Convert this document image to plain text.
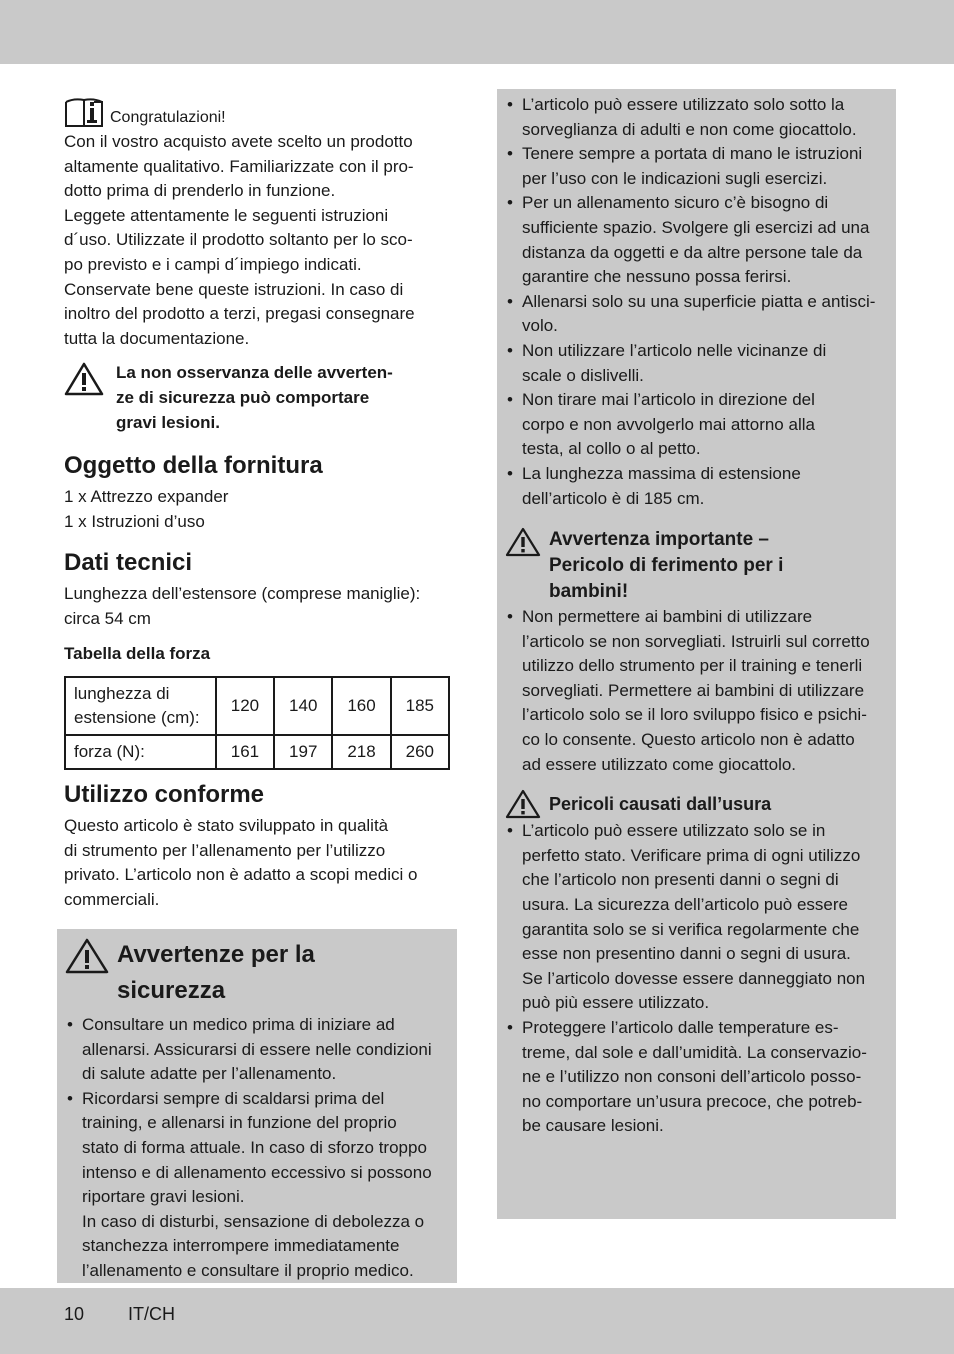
Congratulazioni!

Con il vostro acquisto avete scelto un prodotto

altamente qualitativo. Familiarizzate con il pro-

dotto prima di prenderlo in funzione.

Leggete attentamente le seguenti istruzioni

d´uso. Utilizzate il prodotto soltanto per lo sco-

po previsto e i campi d´impiego indicati.

Conservate bene queste istruzioni. In caso di

inoltro del prodotto a terzi, pregasi consegnare

tutta la documentazione.

La non osservanza delle avverten-
ze di sicurezza può comportare
gravi lesioni.
Oggetto della fornitura

1 x Attrezzo expander

1 x Istruzioni d’uso

Dati tecnici

Lunghezza dell’estensore (comprese maniglie):

circa 54 cm

Tabella della forza
lunghezza di
estensione (cm):	120	140	160	185
forza (N):	161	197	218	260
Utilizzo conforme

Questo articolo è stato sviluppato in qualità

di strumento per l’allenamento per l’utilizzo

privato. L’articolo non è adatto a scopi medici o

commerciali.

Avvertenze per la
sicurezza
• Consultare un medico prima di iniziare ad
allenarsi. Assicurarsi di essere nelle condizioni
di salute adatte per l’allenamento.
• Ricordarsi sempre di scaldarsi prima del
training, e allenarsi in funzione del proprio
stato di forma attuale. In caso di sforzo troppo
intenso e di allenamento eccessivo si possono
riportare gravi lesioni.
In caso di disturbi, sensazione di debolezza o
stanchezza interrompere immediatamente
l’allenamento e consultare il proprio medico.
• L’articolo può essere utilizzato solo sotto la
sorveglianza di adulti e non come giocattolo.
• Tenere sempre a portata di mano le istruzioni
per l’uso con le indicazioni sugli esercizi.
• Per un allenamento sicuro c’è bisogno di
sufficiente spazio. Svolgere gli esercizi ad una
distanza da oggetti e da altre persone tale da
garantire che nessuno possa ferirsi.
• Allenarsi solo su una superficie piatta e antisci-
volo.
• Non utilizzare l’articolo nelle vicinanze di
scale o dislivelli.
• Non tirare mai l’articolo in direzione del
corpo e non avvolgerlo mai attorno alla
testa, al collo o al petto.
• La lunghezza massima di estensione
dell’articolo è di 185 cm.
Avvertenza importante –
Pericolo di ferimento per i
bambini!
• Non permettere ai bambini di utilizzare
l’articolo se non sorvegliati. Istruirli sul corretto
utilizzo dello strumento per il training e tenerli
sorvegliati. Permettere ai bambini di utilizzare
l’articolo solo se il loro sviluppo fisico e psichi-
co lo consente. Questo articolo non è adatto
ad essere utilizzato come giocattolo.
Pericoli causati dall’usura
• L’articolo può essere utilizzato solo se in
perfetto stato. Verificare prima di ogni utilizzo
che l’articolo non presenti danni o segni di
usura. La sicurezza dell’articolo può essere
garantita solo se si verifica regolarmente che
esse non presentino danni o segni di usura.
Se l’articolo dovesse essere danneggiato non
può più essere utilizzato.
• Proteggere l’articolo dalle temperature es-
treme, dal sole e dall’umidità. La conservazio-
ne e l’utilizzo non consoni dell’articolo posso-
no comportare un’usura precoce, che potreb-
be causare lesioni.
10 IT/CH
